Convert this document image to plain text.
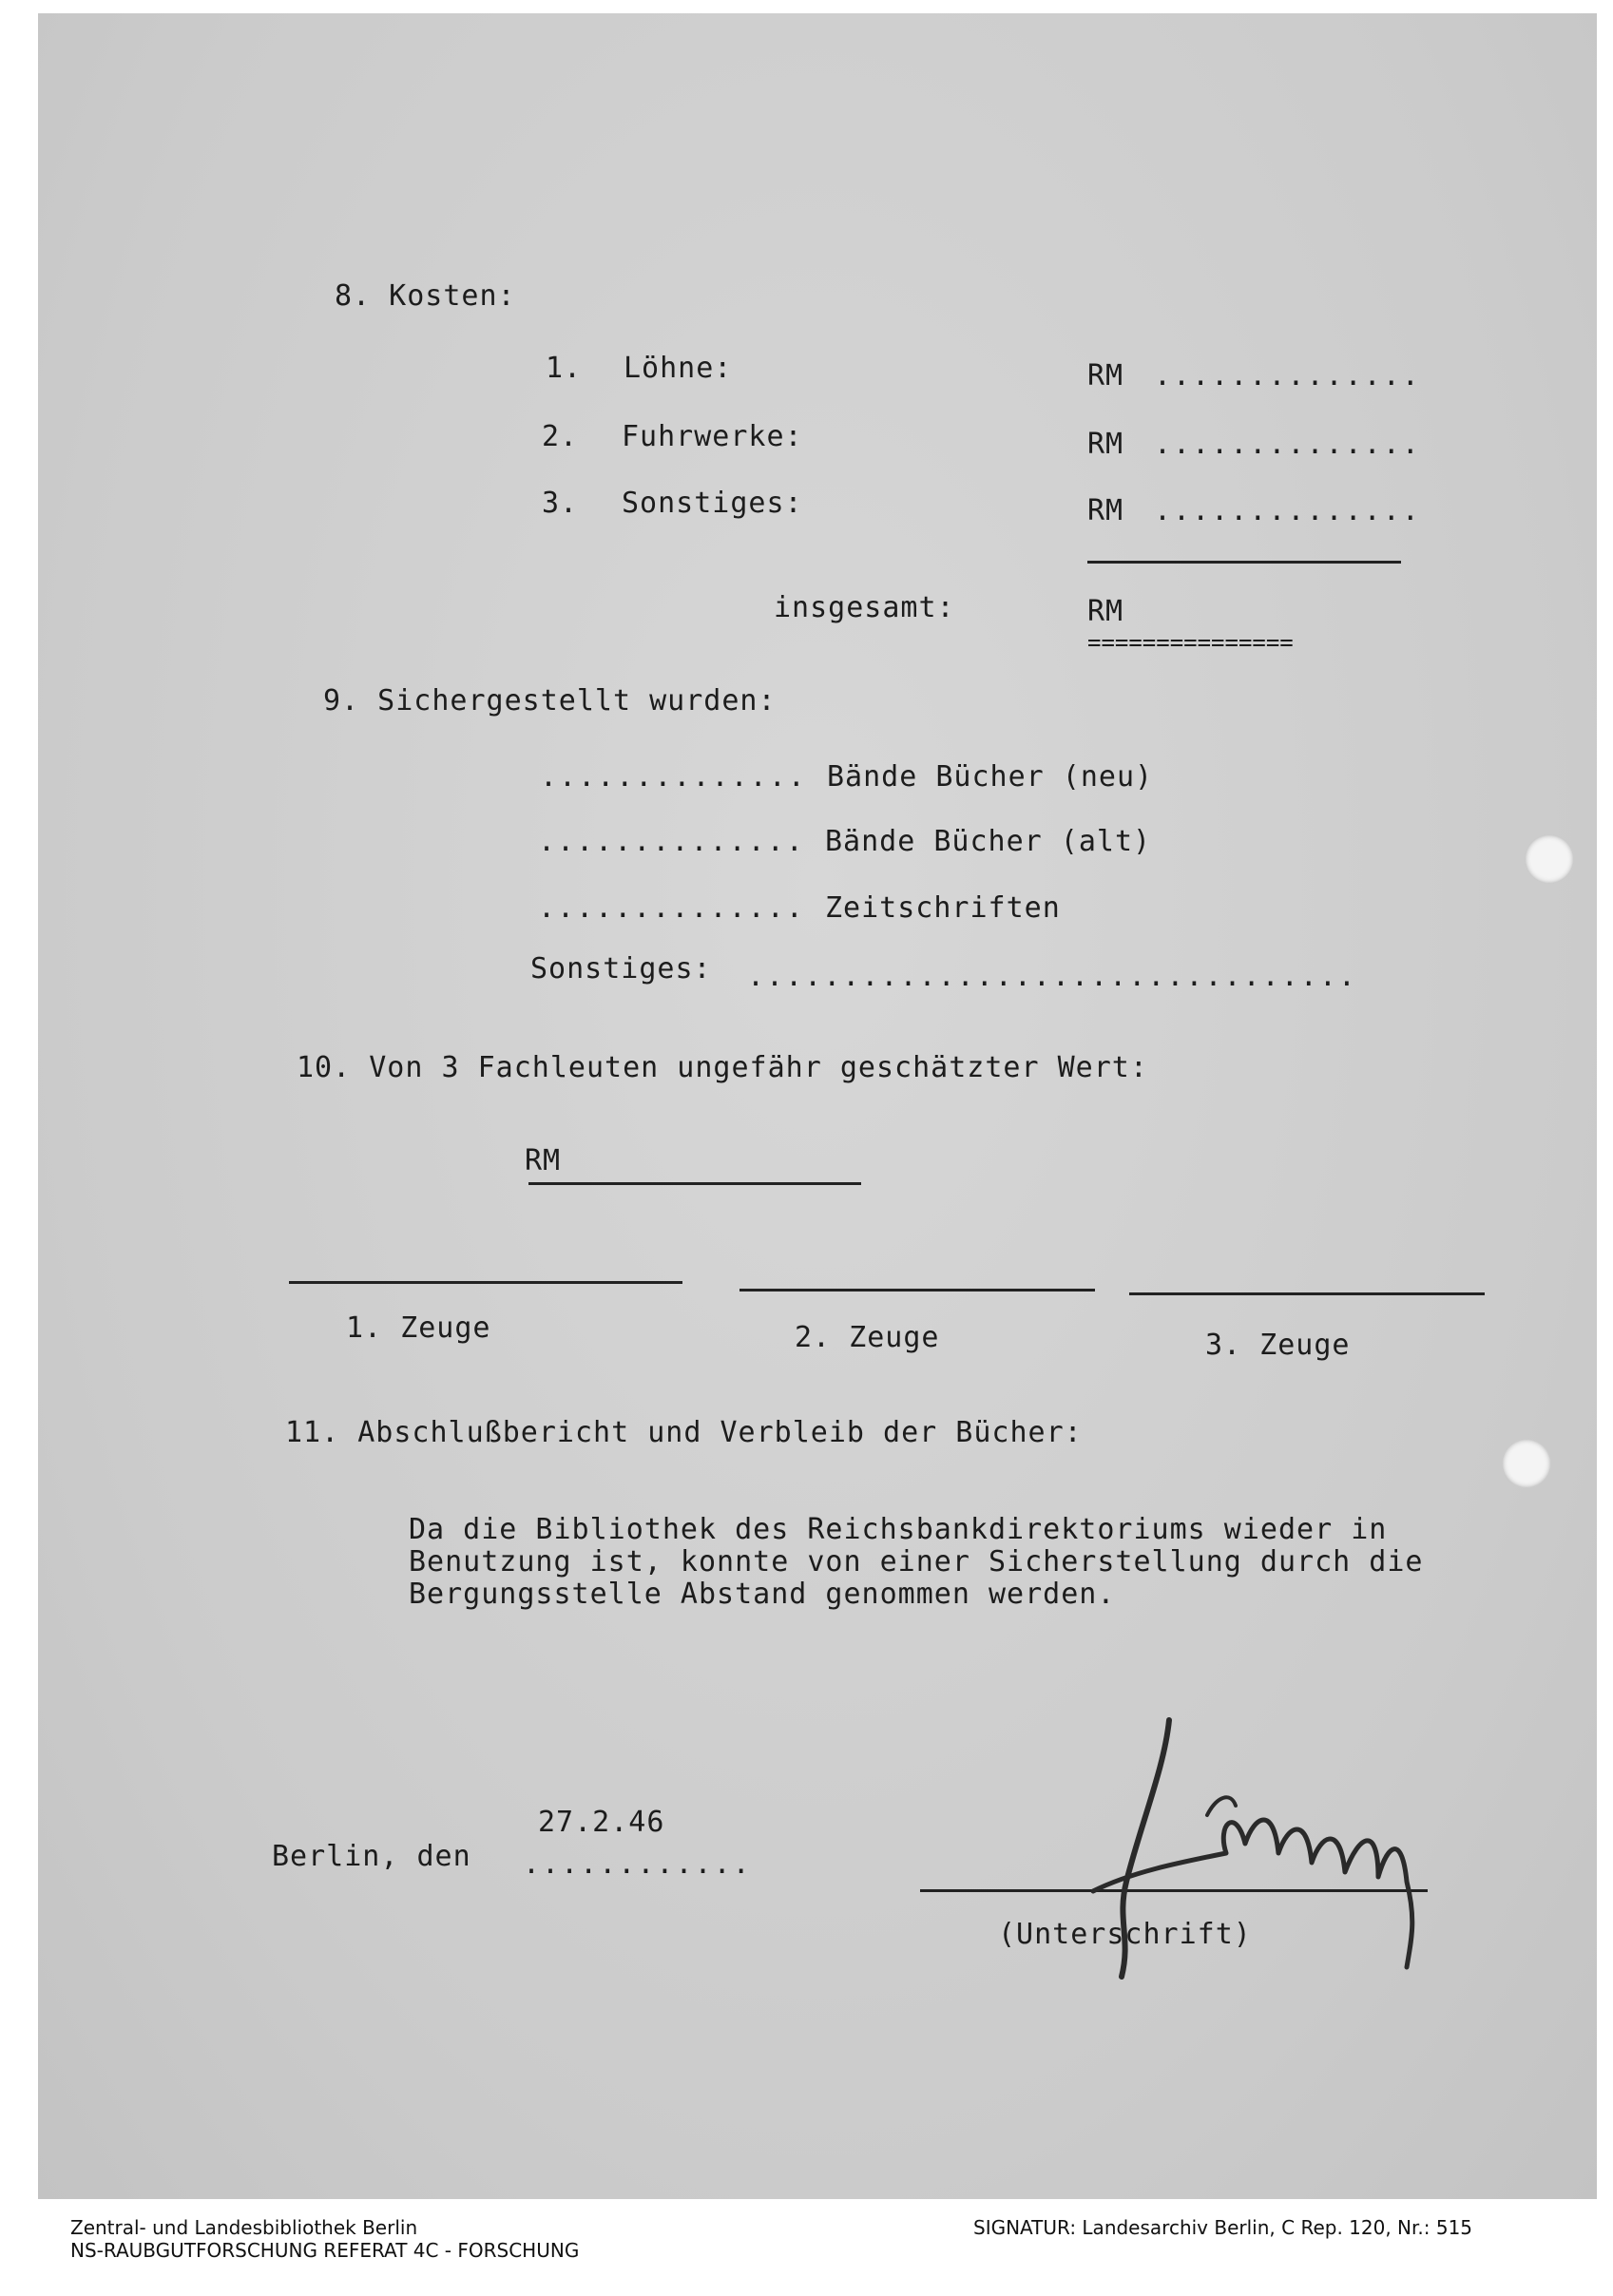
8. Kosten:
1. Löhne:	RM ..............
2. Fuhrwerke:	RM ..............
3. Sonstiges:	RM ..............
insgesamt:	RM
===============
9. Sichergestellt wurden:
.............. Bände Bücher (neu)
.............. Bände Bücher (alt)
.............. Zeitschriften
Sonstiges: ................................
10. Von 3 Fachleuten ungefähr geschätzter Wert:
RM
1. Zeuge	2. Zeuge	3. Zeuge
11. Abschlußbericht und Verbleib der Bücher:
Da die Bibliothek des Reichsbankdirektoriums wieder in
Benutzung ist, konnte von einer Sicherstellung durch die
Bergungsstelle Abstand genommen werden.
27.2.46
Berlin, den ............
(Unterschrift)
Zentral- und Landesbibliothek Berlin
NS-RAUBGUTFORSCHUNG REFERAT 4C - FORSCHUNG
SIGNATUR: Landesarchiv Berlin, C Rep. 120, Nr.: 515
